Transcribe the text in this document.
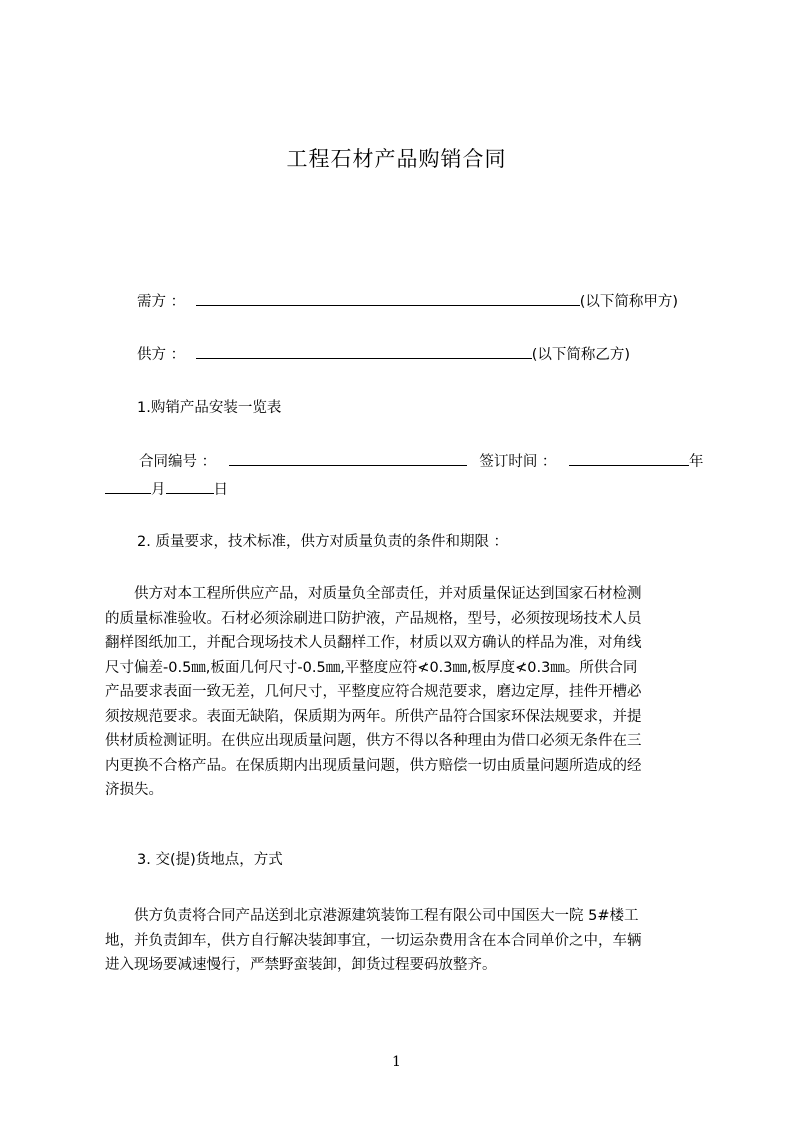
工程石材产品购销合同
需方 ：	(以下简称甲方)
供方 ：	(以下简称乙方)
1.购销产品安装一览表
合同编号 ：	签订时间 ：	年
月	日
2. 质量要求，技术标准，供方对质量负责的条件和期限 ：
　　供方对本工程所供应产品，对质量负全部责任，并对质量保证达到国家石材检测
的质量标准验收。石材必须涂刷进口防护液，产品规格，型号，必须按现场技术人员
翻样图纸加工，并配合现场技术人员翻样工作，材质以双方确认的样品为准，对角线
尺寸偏差-0.5㎜,板面几何尺寸-0.5㎜,平整度应符≮0.3㎜,板厚度≮0.3㎜。所供合同
产品要求表面一致无差，几何尺寸，平整度应符合规范要求，磨边定厚，挂件开槽必
须按规范要求。表面无缺陷，保质期为两年。所供产品符合国家环保法规要求，并提
供材质检测证明。在供应出现质量问题，供方不得以各种理由为借口必须无条件在三
内更换不合格产品。在保质期内出现质量问题，供方赔偿一切由质量问题所造成的经
济损失。
3. 交(提)货地点，方式
　　供方负责将合同产品送到北京港源建筑装饰工程有限公司中国医大一院 5#楼工
地，并负责卸车，供方自行解决装卸事宜，一切运杂费用含在本合同单价之中，车辆
进入现场要减速慢行，严禁野蛮装卸，卸货过程要码放整齐。
1
